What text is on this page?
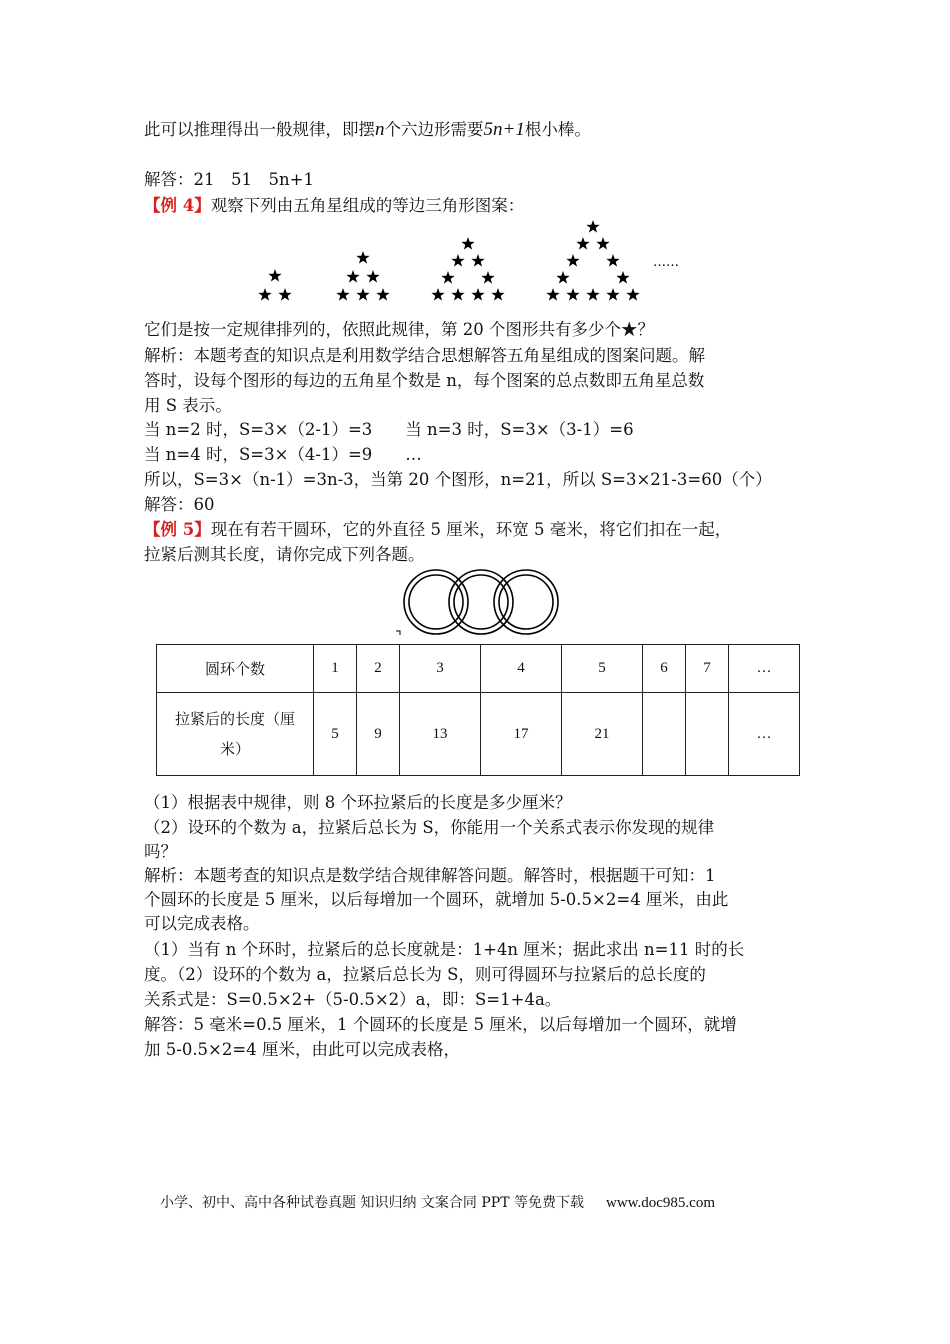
此可以推理得出一般规律，即摆n个六边形需要5n+1根小棒。
解答：21　51　5n+1
【例 4】观察下列由五角星组成的等边三角形图案：
……
它们是按一定规律排列的，依照此规律，第 20 个图形共有多少个★？
解析：本题考查的知识点是利用数学结合思想解答五角星组成的图案问题。解
答时，设每个图形的每边的五角星个数是 n，每个图案的总点数即五角星总数
用 S 表示。
当 n=2 时，S=3×（2-1）=3　　当 n=3 时，S=3×（3-1）=6
当 n=4 时，S=3×（4-1）=9　　…
所以，S=3×（n-1）=3n-3，当第 20 个图形，n=21，所以 S=3×21-3=60（个）
解答：60
【例 5】现在有若干圆环，它的外直径 5 厘米，环宽 5 毫米，将它们扣在一起，
拉紧后测其长度，请你完成下列各题。
圆环个数	1	2	3	4	5	6	7	…

拉紧后的长度（厘
米）	5	9	13	17	21			…
（1）根据表中规律，则 8 个环拉紧后的长度是多少厘米？
（2）设环的个数为 a，拉紧后总长为 S，你能用一个关系式表示你发现的规律
吗？
解析：本题考查的知识点是数学结合规律解答问题。解答时，根据题干可知：1
个圆环的长度是 5 厘米，以后每增加一个圆环，就增加 5-0.5×2=4 厘米，由此
可以完成表格。
（1）当有 n 个环时，拉紧后的总长度就是：1+4n 厘米；据此求出 n=11 时的长
度。（2）设环的个数为 a，拉紧后总长为 S，则可得圆环与拉紧后的总长度的
关系式是：S=0.5×2+（5-0.5×2）a，即：S=1+4a。
解答：5 毫米=0.5 厘米，1 个圆环的长度是 5 厘米，以后每增加一个圆环，就增
加 5-0.5×2=4 厘米，由此可以完成表格，
小学、初中、高中各种试卷真题 知识归纳 文案合同 PPT 等免费下载 www.doc985.com
